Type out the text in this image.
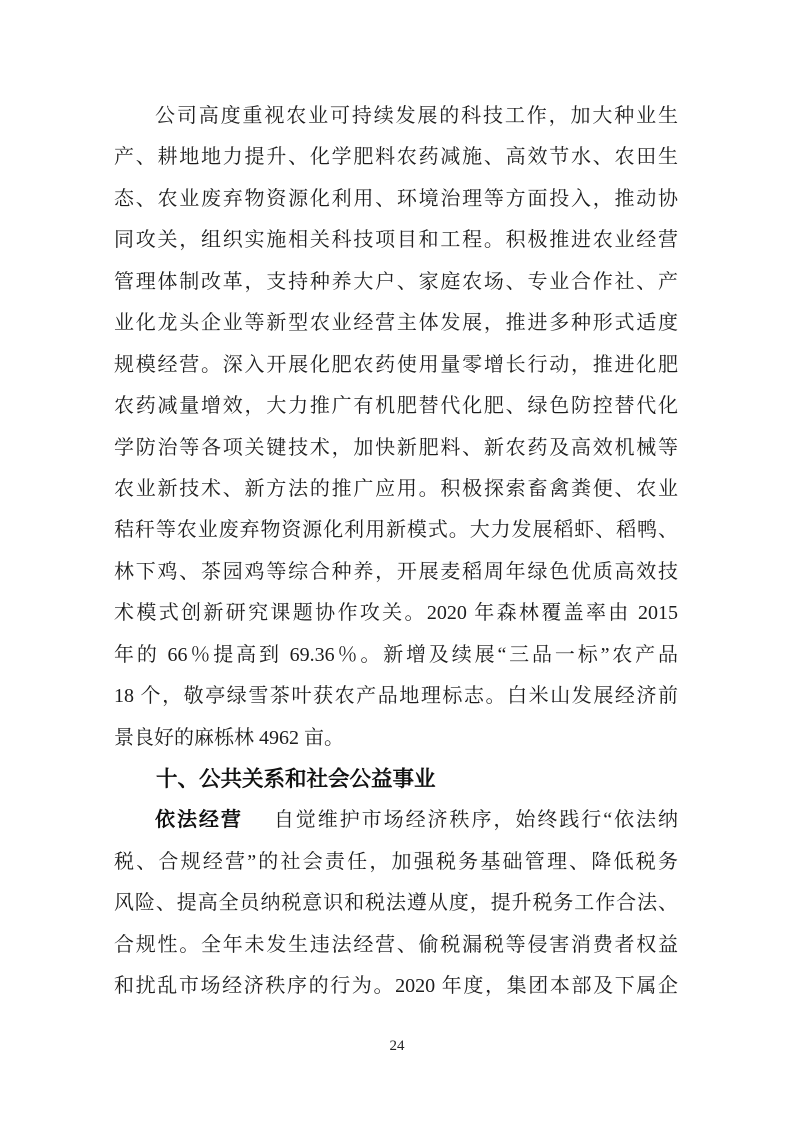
公司高度重视农业可持续发展的科技工作，加大种业生
产、耕地地力提升、化学肥料农药减施、高效节水、农田生
态、农业废弃物资源化利用、环境治理等方面投入，推动协
同攻关，组织实施相关科技项目和工程。积极推进农业经营
管理体制改革，支持种养大户、家庭农场、专业合作社、产
业化龙头企业等新型农业经营主体发展，推进多种形式适度
规模经营。深入开展化肥农药使用量零增长行动，推进化肥
农药减量增效，大力推广有机肥替代化肥、绿色防控替代化
学防治等各项关键技术，加快新肥料、新农药及高效机械等
农业新技术、新方法的推广应用。积极探索畜禽粪便、农业
秸秆等农业废弃物资源化利用新模式。大力发展稻虾、稻鸭、
林下鸡、茶园鸡等综合种养，开展麦稻周年绿色优质高效技
术模式创新研究课题协作攻关。2020 年森林覆盖率由 2015
年的 66％提高到 69.36％。新增及续展“三品一标”农产品
18 个，敬亭绿雪茶叶获农产品地理标志。白米山发展经济前
景良好的麻栎林 4962 亩。
十、公共关系和社会公益事业
依法经营 自觉维护市场经济秩序，始终践行“依法纳
税、合规经营”的社会责任，加强税务基础管理、降低税务
风险、提高全员纳税意识和税法遵从度，提升税务工作合法、
合规性。全年未发生违法经营、偷税漏税等侵害消费者权益
和扰乱市场经济秩序的行为。2020 年度，集团本部及下属企
24
